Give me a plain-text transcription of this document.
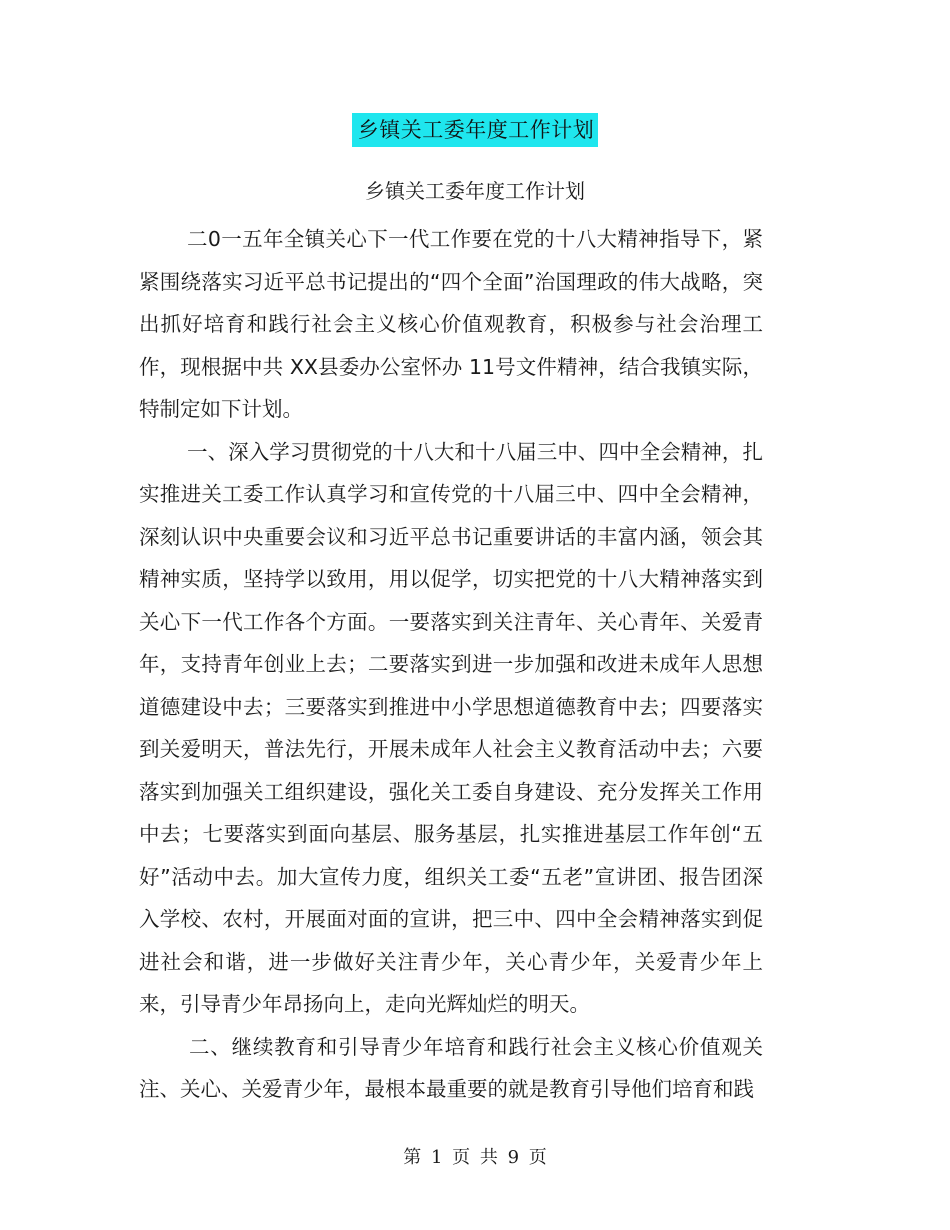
乡镇关工委年度工作计划
乡镇关工委年度工作计划

二0一五年全镇关心下一代工作要在党的十八大精神指导下，紧紧围绕落实习近平总书记提出的“四个全面”治国理政的伟大战略，突出抓好培育和践行社会主义核心价值观教育，积极参与社会治理工作，现根据中共 XX县委办公室怀办 11号文件精神，结合我镇实际，特制定如下计划。

一、深入学习贯彻党的十八大和十八届三中、四中全会精神，扎实推进关工委工作认真学习和宣传党的十八届三中、四中全会精神，深刻认识中央重要会议和习近平总书记重要讲话的丰富内涵，领会其精神实质，坚持学以致用，用以促学，切实把党的十八大精神落实到关心下一代工作各个方面。一要落实到关注青年、关心青年、关爱青年，支持青年创业上去；二要落实到进一步加强和改进未成年人思想道德建设中去；三要落实到推进中小学思想道德教育中去；四要落实到关爱明天，普法先行，开展未成年人社会主义教育活动中去；六要落实到加强关工组织建设，强化关工委自身建设、充分发挥关工作用中去；七要落实到面向基层、服务基层，扎实推进基层工作年创“五好”活动中去。加大宣传力度，组织关工委“五老”宣讲团、报告团深入学校、农村，开展面对面的宣讲，把三中、四中全会精神落实到促进社会和谐，进一步做好关注青少年，关心青少年，关爱青少年上来，引导青少年昂扬向上，走向光辉灿烂的明天。

二、继续教育和引导青少年培育和践行社会主义核心价值观关注、关心、关爱青少年，最根本最重要的就是教育引导他们培育和践

第 1 页 共 9 页
